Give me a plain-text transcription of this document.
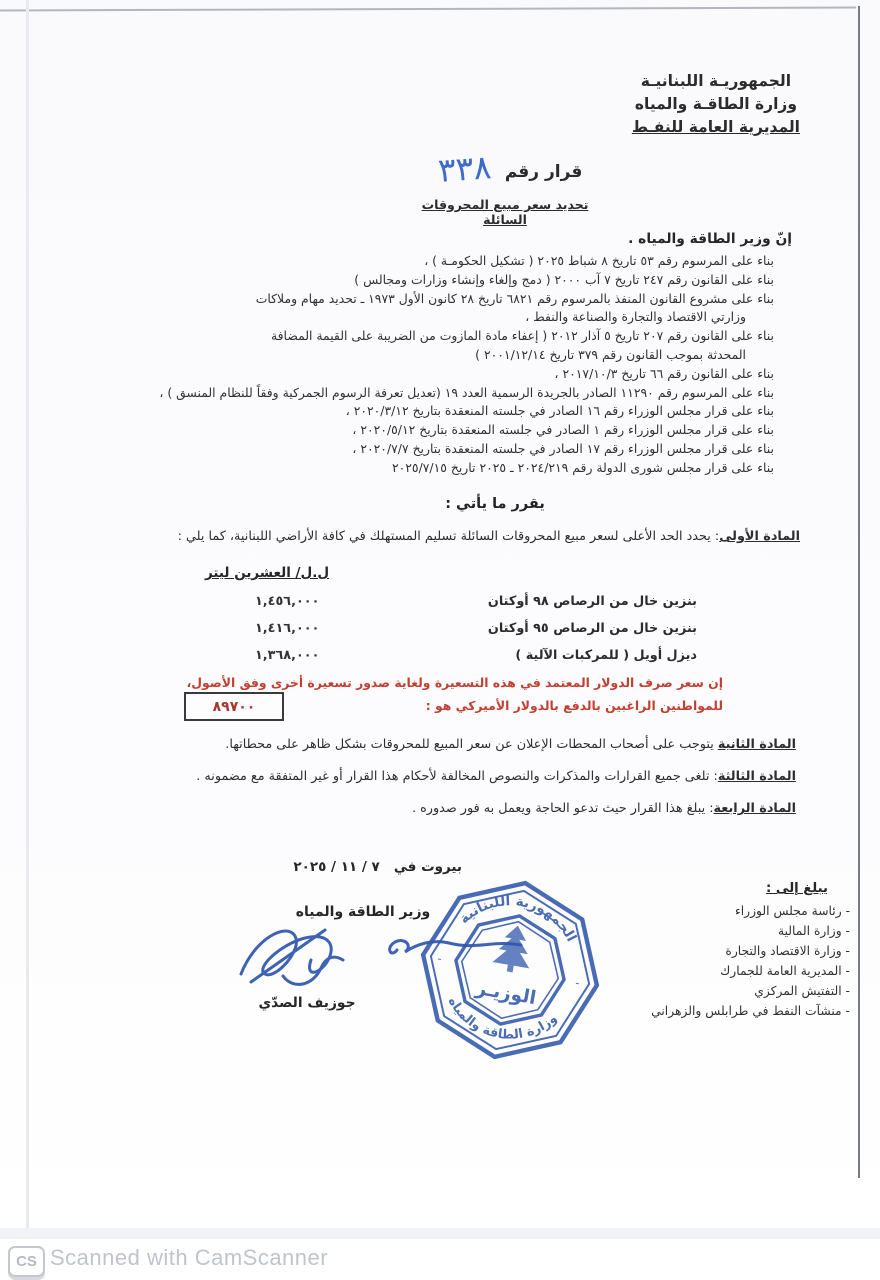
الجمهوريـة اللبنانيـة
وزارة الطاقـة والمياه
المديرية العامة للنفـط
قرار رقم
٣٣٨
تحديد سعر مبيع المحروقات السائلة
إنّ وزير الطاقة والمياه .
بناء على المرسوم رقم ٥٣ تاريخ ٨ شباط ٢٠٢٥ ( تشكيل الحكومـة ) ،
بناء على القانون رقم ٢٤٧ تاريخ ٧ آب ٢٠٠٠ ( دمج وإلغاء وإنشاء وزارات ومجالس )
بناء على مشروع القانون المنفذ بالمرسوم رقم ٦٨٢١ تاريخ ٢٨ كانون الأول ١٩٧٣ ـ تحديد مهام وملاكات
وزارتي الاقتصاد والتجارة والصناعة والنفط ،
بناء على القانون رقم ٢٠٧ تاريخ ٥ آذار ٢٠١٢ ( إعفاء مادة المازوت من الضريبة على القيمة المضافة
المحدثة بموجب القانون رقم ٣٧٩ تاريخ ٢٠٠١/١٢/١٤ )
بناء على القانون رقم ٦٦ تاريخ ٢٠١٧/١٠/٣ ،
بناء على المرسوم رقم ١١٢٩٠ الصادر بالجريدة الرسمية العدد ١٩ (تعديل تعرفة الرسوم الجمركية وفقاً للنظام المنسق ) ،
بناء على قرار مجلس الوزراء رقم ١٦ الصادر في جلسته المنعقدة بتاريخ ٢٠٢٠/٣/١٢ ،
بناء على قرار مجلس الوزراء رقم ١ الصادر في جلسته المنعقدة بتاريخ ٢٠٢٠/٥/١٢ ،
بناء على قرار مجلس الوزراء رقم ١٧ الصادر في جلسته المنعقدة بتاريخ ٢٠٢٠/٧/٧ ،
بناء على قرار مجلس شورى الدولة رقم ٢٠٢٤/٢١٩ ـ ٢٠٢٥ تاريخ ٢٠٢٥/٧/١٥
يقرر ما يأتي :
المادة الأولى: يحدد الحد الأعلى لسعر مبيع المحروقات السائلة تسليم المستهلك في كافة الأراضي اللبنانية، كما يلي :
ل.ل/ العشرين ليتر
١,٤٥٦,٠٠٠	بنزين خال من الرصاص ٩٨ أوكتان
١,٤١٦,٠٠٠	بنزين خال من الرصاص ٩٥ أوكتان
١,٣٦٨,٠٠٠	ديزل أويل ( للمركبات الآلية )
إن سعر صرف الدولار المعتمد في هذه التسعيرة ولغاية صدور تسعيرة أخرى وفق الأصول،
للمواطنين الراغبين بالدفع بالدولار الأميركي هو :
٨٩٧٠٠
المادة الثانية يتوجب على أصحاب المحطات الإعلان عن سعر المبيع للمحروقات بشكل ظاهر على محطاتها.
المادة الثالثة: تلغى جميع القرارات والمذكرات والنصوص المخالفة لأحكام هذا القرار أو غير المتفقة مع مضمونه .
المادة الرابعة: يبلغ هذا القرار حيث تدعو الحاجة ويعمل به فور صدوره .
بيروت في   ٧ / ١١ / ٢٠٢٥
وزير الطاقة والمياه
جوزيف الصدّي
الجمهورية اللبنانية
وزارة الطاقة والمياه
-
-
الوزيـر
يبلغ إلى :
- رئاسة مجلس الوزراء
- وزارة المالية
- وزارة الاقتصاد والتجارة
- المديرية العامة للجمارك
- التفتيش المركزي
- منشآت النفط في طرابلس والزهراني
CS Scanned with CamScanner
